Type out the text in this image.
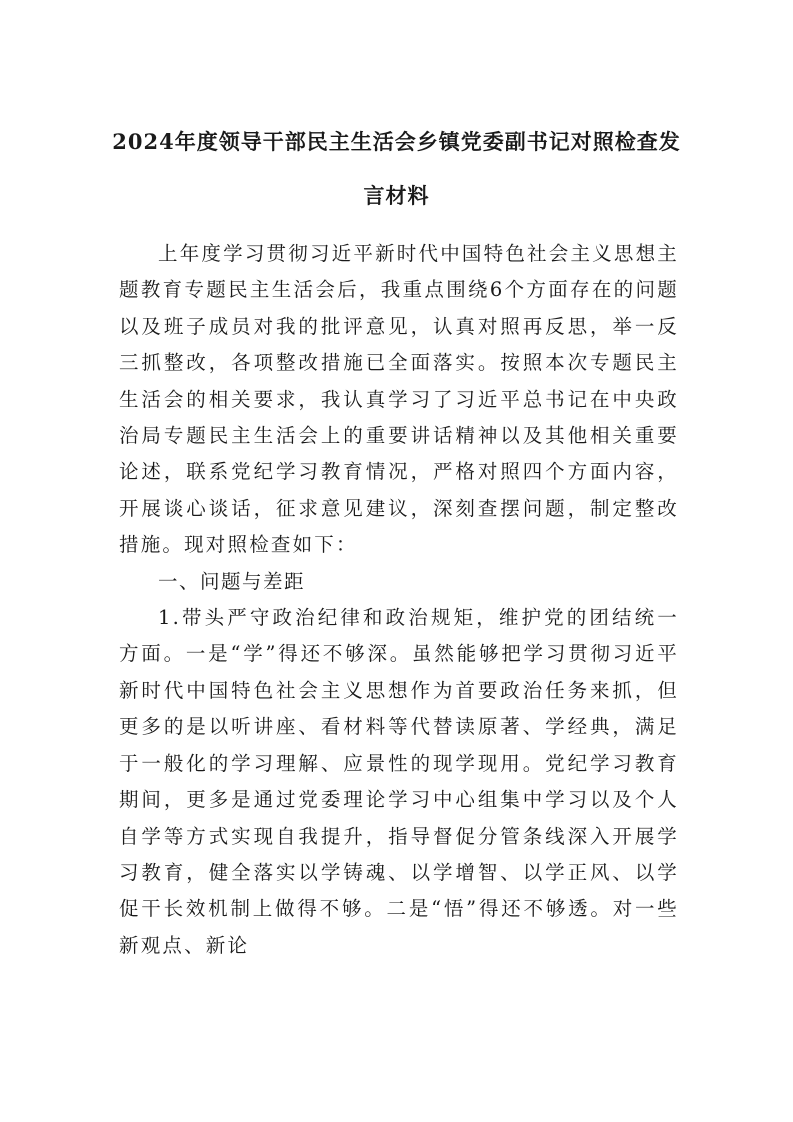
2024年度领导干部民主生活会乡镇党委副书记对照检查发
言材料

上年度学习贯彻习近平新时代中国特色社会主义思想主题教育专题民主生活会后，我重点围绕6个方面存在的问题以及班子成员对我的批评意见，认真对照再反思，举一反三抓整改，各项整改措施已全面落实。按照本次专题民主生活会的相关要求，我认真学习了习近平总书记在中央政治局专题民主生活会上的重要讲话精神以及其他相关重要论述，联系党纪学习教育情况，严格对照四个方面内容，开展谈心谈话，征求意见建议，深刻查摆问题，制定整改措施。现对照检查如下：

一、问题与差距

1.带头严守政治纪律和政治规矩，维护党的团结统一方面。一是“学”得还不够深。虽然能够把学习贯彻习近平新时代中国特色社会主义思想作为首要政治任务来抓，但更多的是以听讲座、看材料等代替读原著、学经典，满足于一般化的学习理解、应景性的现学现用。党纪学习教育期间，更多是通过党委理论学习中心组集中学习以及个人自学等方式实现自我提升，指导督促分管条线深入开展学习教育，健全落实以学铸魂、以学增智、以学正风、以学促干长效机制上做得不够。二是“悟”得还不够透。对一些新观点、新论
